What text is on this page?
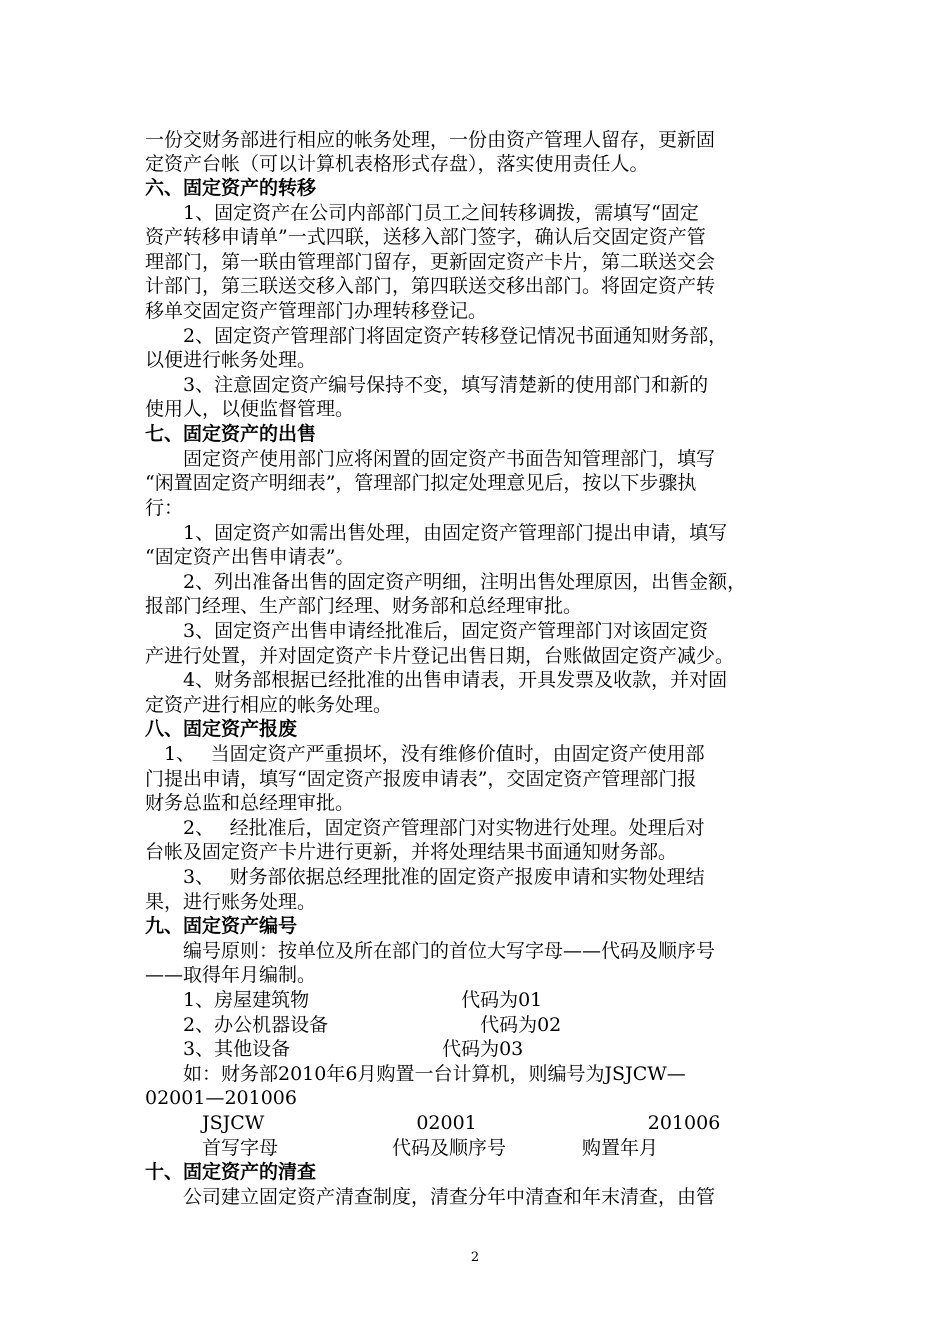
一份交财务部进行相应的帐务处理，一份由资产管理人留存，更新固
定资产台帐（可以计算机表格形式存盘），落实使用责任人。
六、固定资产的转移
　　1、固定资产在公司内部部门员工之间转移调拨，需填写“固定
资产转移申请单”一式四联，送移入部门签字，确认后交固定资产管
理部门，第一联由管理部门留存，更新固定资产卡片，第二联送交会
计部门，第三联送交移入部门，第四联送交移出部门。将固定资产转
移单交固定资产管理部门办理转移登记。
　　2、固定资产管理部门将固定资产转移登记情况书面通知财务部，
以便进行帐务处理。
　　3、注意固定资产编号保持不变，填写清楚新的使用部门和新的
使用人，以便监督管理。
七、固定资产的出售
　　固定资产使用部门应将闲置的固定资产书面告知管理部门，填写
“闲置固定资产明细表”，管理部门拟定处理意见后，按以下步骤执
行：
　　1、固定资产如需出售处理，由固定资产管理部门提出申请，填写
“固定资产出售申请表”。
　　2、列出准备出售的固定资产明细，注明出售处理原因，出售金额，
报部门经理、生产部门经理、财务部和总经理审批。
　　3、固定资产出售申请经批准后，固定资产管理部门对该固定资
产进行处置，并对固定资产卡片登记出售日期，台账做固定资产减少。
　　4、财务部根据已经批准的出售申请表，开具发票及收款，并对固
定资产进行相应的帐务处理。
八、固定资产报废
　1、　 当固定资产严重损坏，没有维修价值时，由固定资产使用部
门提出申请，填写“固定资产报废申请表”，交固定资产管理部门报
财务总监和总经理审批。
　　2、　 经批准后，固定资产管理部门对实物进行处理。处理后对
台帐及固定资产卡片进行更新，并将处理结果书面通知财务部。
　　3、　 财务部依据总经理批准的固定资产报废申请和实物处理结
果，进行账务处理。
九、固定资产编号
　　编号原则：按单位及所在部门的首位大写字母——代码及顺序号
——取得年月编制。
　　1、房屋建筑物　　　　　　　　代码为01
　　2、办公机器设备　　　　　　　　代码为02
　　3、其他设备　　　　　　　　代码为03
　　如：财务部2010年6月购置一台计算机，则编号为JSJCW—
02001—201006
　　　JSJCW　　　　　　　　02001　　　　　　　　　201006
　　　首写字母　　　　　　代码及顺序号　　　　购置年月
十、固定资产的清查
　　公司建立固定资产清查制度，清查分年中清查和年末清查，由管
2
